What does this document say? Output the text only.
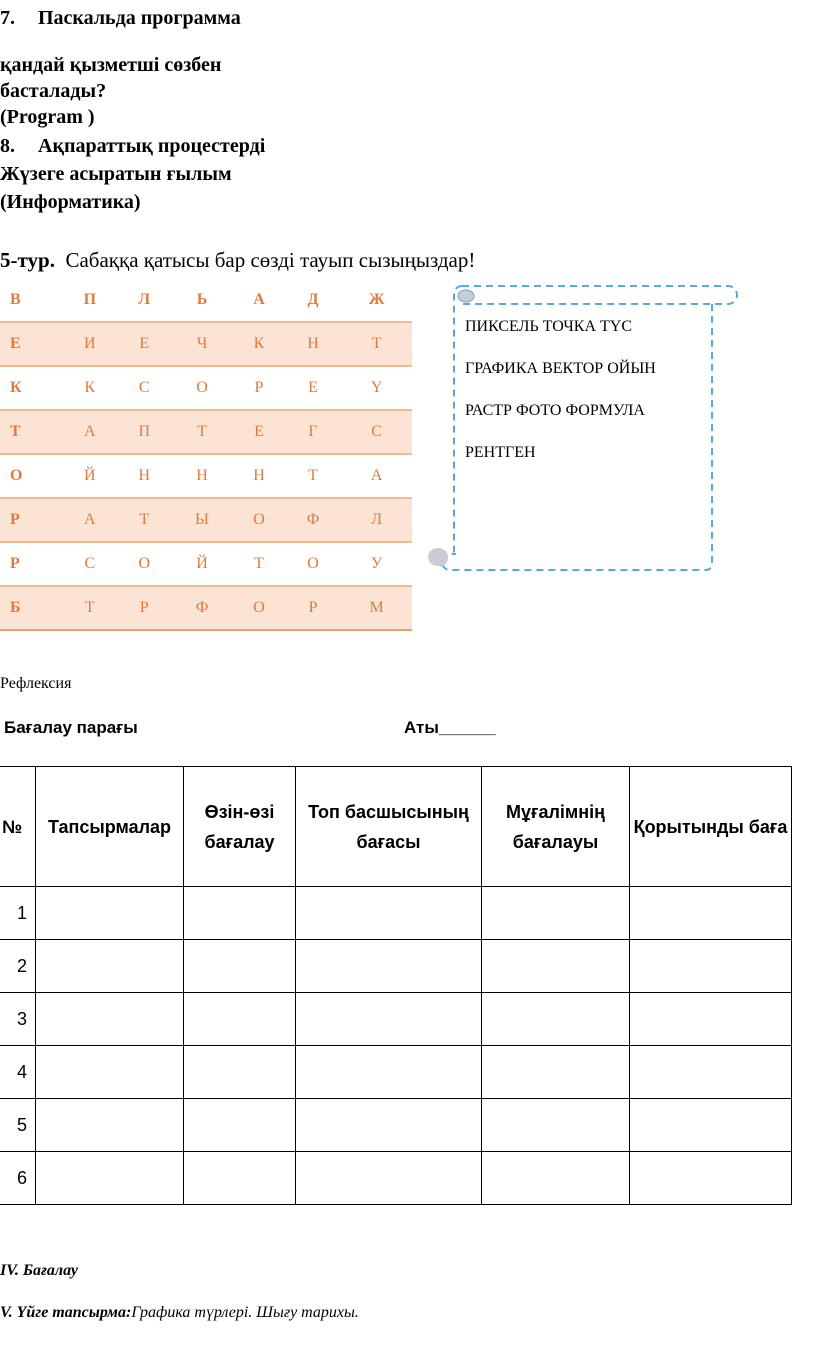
7. Паскальда программа
қандай қызметші сөзбен
басталады?
(Program )
8. Ақпараттық процестерді
Жүзеге асыратын ғылым
(Информатика)
5-тур. Сабаққа қатысы бар сөзді тауып сызыңыздар!
В	П	Л	Ь	А	Д	Ж
Е	И	Е	Ч	К	Н	Т
К	К	С	О	Р	Е	Ү
Т	А	П	Т	Е	Г	С
О	Й	Н	Н	Н	Т	А
Р	А	Т	Ы	О	Ф	Л
Р	С	О	Й	Т	О	У
Б	Т	Р	Ф	О	Р	М
ПИКСЕЛЬ ТОЧКА ТҮС
ГРАФИКА ВЕКТОР ОЙЫН
РАСТР ФОТО ФОРМУЛА
РЕНТГЕН
Рефлексия
Бағалау парағы	Аты______
№	Тапсырмалар	Өзін-өзі бағалау	Топ басшысының бағасы	Мұғалімнің бағалауы	Қорытынды баға
1					
2					
3					
4					
5					
6					
IV. Бағалау
V. Үйге тапсырма:Графика түрлері. Шығу тарихы.
